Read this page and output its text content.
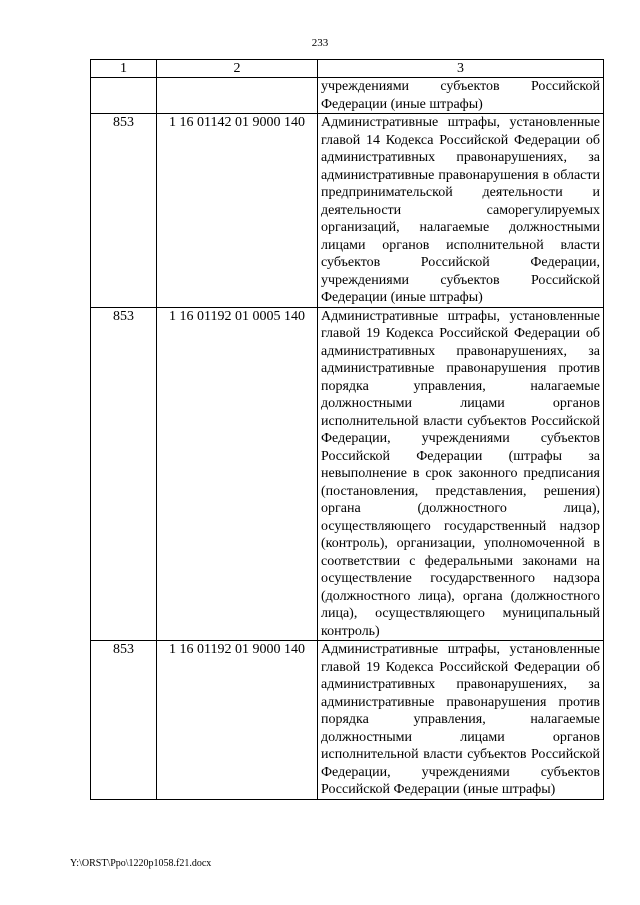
233
1	2	3
		учреждениями субъектов Российской Федерации (иные штрафы)
853	1 16 01142 01 9000 140	Административные штрафы, установленные главой 14 Кодекса Российской Федерации об административных правонарушениях, за административные правонарушения в области предпринимательской деятельности и деятельности саморегулируемых организаций, налагаемые должностными лицами органов исполнительной власти субъектов Российской Федерации, учреждениями субъектов Российской Федерации (иные штрафы)
853	1 16 01192 01 0005 140	Административные штрафы, установленные главой 19 Кодекса Российской Федерации об административных правонарушениях, за административные правонарушения против порядка управления, налагаемые должностными лицами органов исполнительной власти субъектов Российской Федерации, учреждениями субъектов Российской Федерации (штрафы за невыполнение в срок законного предписания (постановления, представления, решения) органа (должностного лица), осуществляющего государственный надзор (контроль), организации, уполномоченной в соответствии с федеральными законами на осуществление государственного надзора (должностного лица), органа (должностного лица), осуществляющего муниципальный контроль)
853	1 16 01192 01 9000 140	Административные штрафы, установленные главой 19 Кодекса Российской Федерации об административных правонарушениях, за административные правонарушения против порядка управления, налагаемые должностными лицами органов исполнительной власти субъектов Российской Федерации, учреждениями субъектов Российской Федерации (иные штрафы)
Y:\ORST\Ppo\1220p1058.f21.docx
